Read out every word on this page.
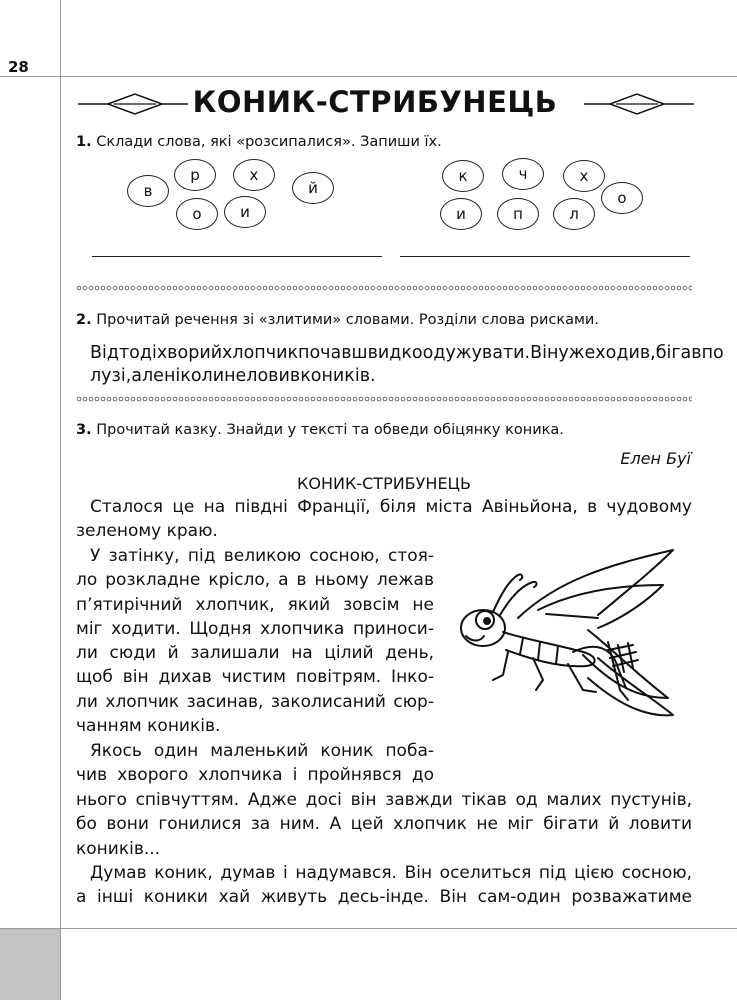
28
КОНИК-СТРИБУНЕЦЬ
1. Склади слова, які «розсипалися». Запиши їх.
в
р	х
й
о	и
к	ч	х
о
и	п	л
2. Прочитай речення зі «злитими» словами. Розділи слова рисками.
Відтодіхворийхлопчикпочавшвидкоодужувати.Вінужеходив,бігавпо
лузі,аленіколинеловивкоників.
3. Прочитай казку. Знайди у тексті та обведи обіцянку коника.
Елен Буї
КОНИК-СТРИБУНЕЦЬ
Сталося це на півдні Франції, біля міста Авіньйона, в чудовому
зеленому краю.
У затінку, під великою сосною, стоя-
ло розкладне крісло, а в ньому лежав
п’ятирічний хлопчик, який зовсім не
міг ходити. Щодня хлопчика приноси-
ли сюди й залишали на цілий день,
щоб він дихав чистим повітрям. Інко-
ли хлопчик засинав, заколисаний сюр-
чанням коників.
Якось один маленький коник поба-
чив хворого хлопчика і пройнявся до
нього співчуттям. Адже досі він завжди тікав од малих пустунів,
бо вони гонилися за ним. А цей хлопчик не міг бігати й ловити
коників...
Думав коник, думав і надумався. Він оселиться під цією сосною,
а інші коники хай живуть десь-інде. Він сам-один розважатиме
